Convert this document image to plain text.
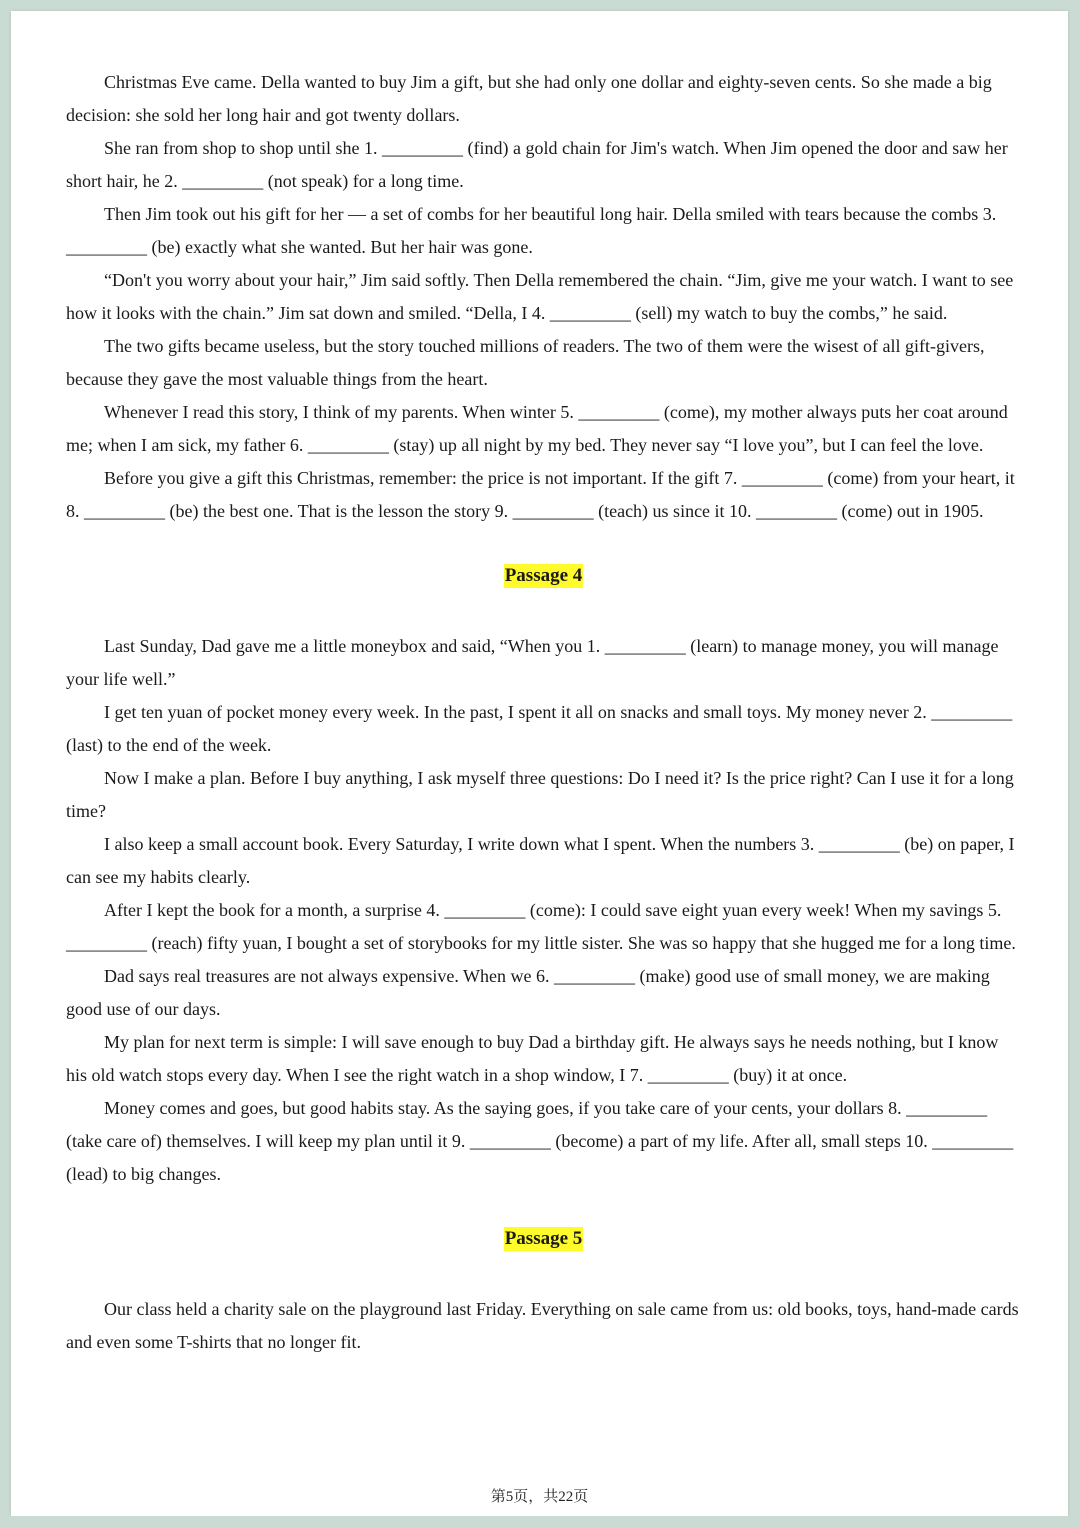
Christmas Eve came. Della wanted to buy Jim a gift, but she had only one dollar and eighty-seven cents. So she made a big decision: she sold her long hair and got twenty dollars.

She ran from shop to shop until she 1. _________ (find) a gold chain for Jim's watch. When Jim opened the door and saw her short hair, he 2. _________ (not speak) for a long time.

Then Jim took out his gift for her — a set of combs for her beautiful long hair. Della smiled with tears because the combs 3. _________ (be) exactly what she wanted. But her hair was gone.

“Don't you worry about your hair,” Jim said softly. Then Della remembered the chain. “Jim, give me your watch. I want to see how it looks with the chain.” Jim sat down and smiled. “Della, I 4. _________ (sell) my watch to buy the combs,” he said.

The two gifts became useless, but the story touched millions of readers. The two of them were the wisest of all gift-givers, because they gave the most valuable things from the heart.

Whenever I read this story, I think of my parents. When winter 5. _________ (come), my mother always puts her coat around me; when I am sick, my father 6. _________ (stay) up all night by my bed. They never say “I love you”, but I can feel the love.

Before you give a gift this Christmas, remember: the price is not important. If the gift 7. _________ (come) from your heart, it 8. _________ (be) the best one. That is the lesson the story 9. _________ (teach) us since it 10. _________ (come) out in 1905.

Passage 4

Last Sunday, Dad gave me a little moneybox and said, “When you 1. _________ (learn) to manage money, you will manage your life well.”

I get ten yuan of pocket money every week. In the past, I spent it all on snacks and small toys. My money never 2. _________ (last) to the end of the week.

Now I make a plan. Before I buy anything, I ask myself three questions: Do I need it? Is the price right? Can I use it for a long time?

I also keep a small account book. Every Saturday, I write down what I spent. When the numbers 3. _________ (be) on paper, I can see my habits clearly.

After I kept the book for a month, a surprise 4. _________ (come): I could save eight yuan every week! When my savings 5. _________ (reach) fifty yuan, I bought a set of storybooks for my little sister. She was so happy that she hugged me for a long time.

Dad says real treasures are not always expensive. When we 6. _________ (make) good use of small money, we are making good use of our days.

My plan for next term is simple: I will save enough to buy Dad a birthday gift. He always says he needs nothing, but I know his old watch stops every day. When I see the right watch in a shop window, I 7. _________ (buy) it at once.

Money comes and goes, but good habits stay. As the saying goes, if you take care of your cents, your dollars 8. _________ (take care of) themselves. I will keep my plan until it 9. _________ (become) a part of my life. After all, small steps 10. _________ (lead) to big changes.

Passage 5

Our class held a charity sale on the playground last Friday. Everything on sale came from us: old books, toys, hand-made cards and even some T-shirts that no longer fit.

第5页，共22页
